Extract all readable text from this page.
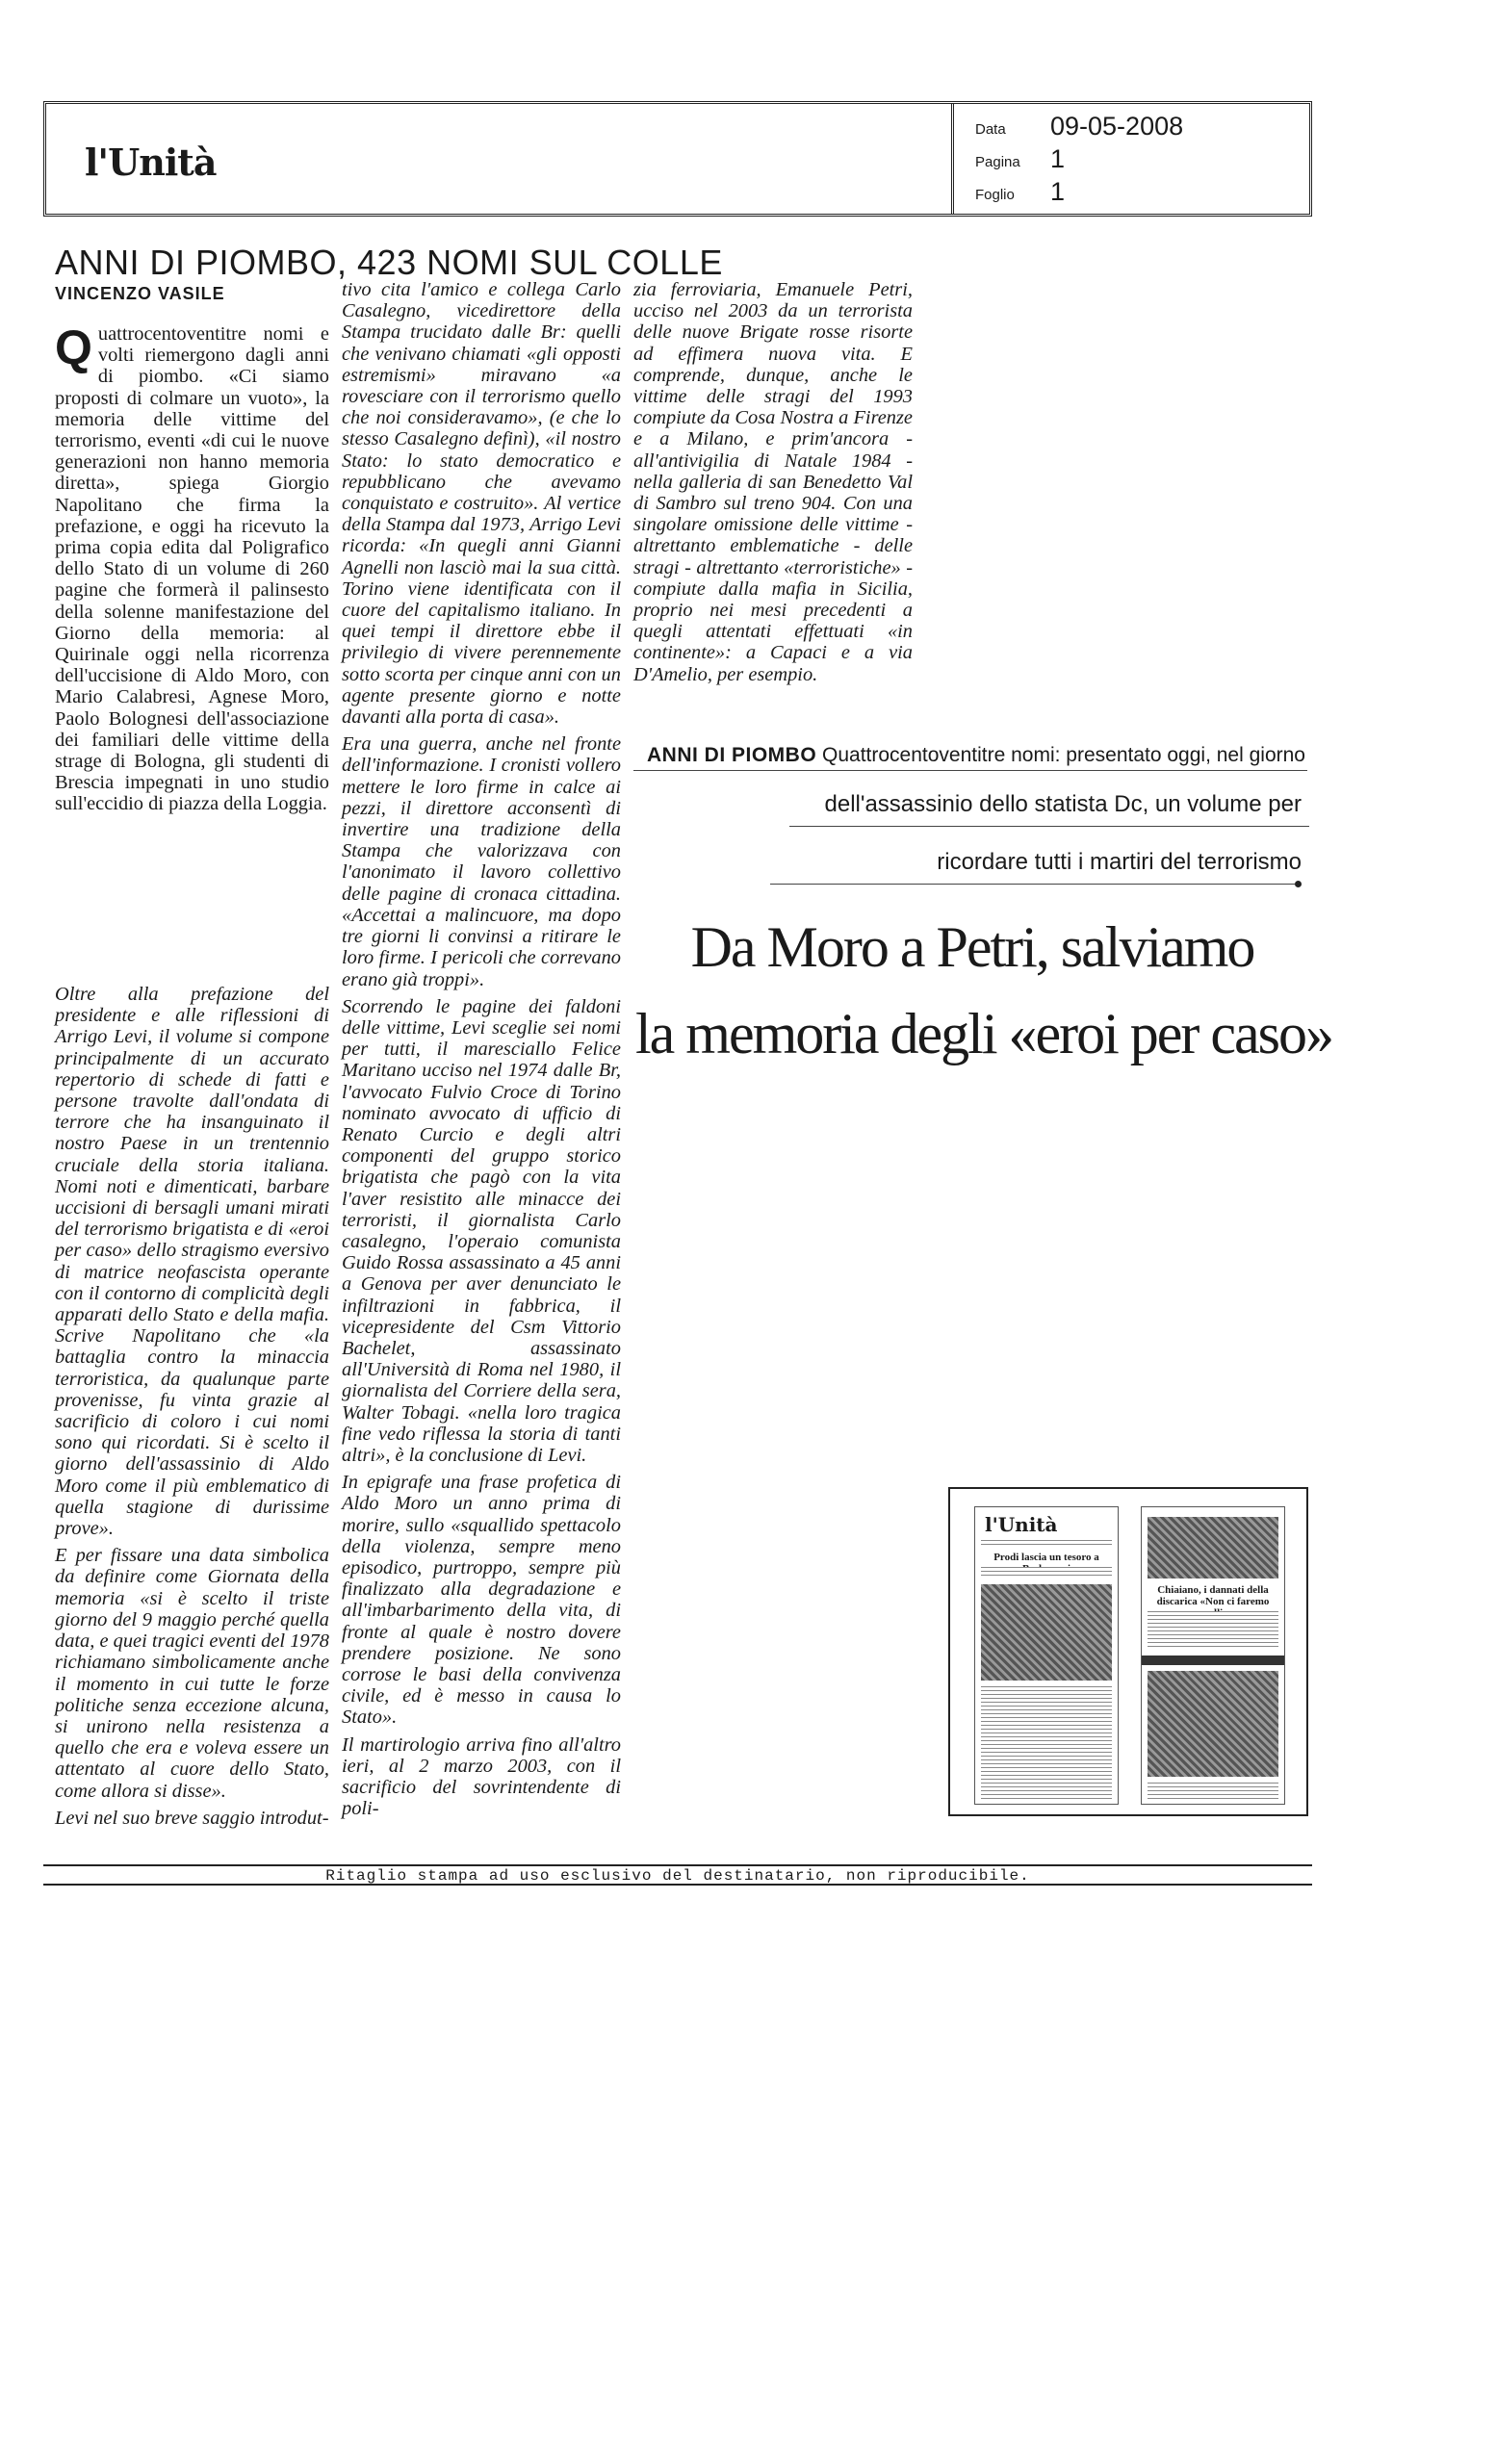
l'Unità
Data 09-05-2008
Pagina 1
Foglio 1
ANNI DI PIOMBO, 423 NOMI SUL COLLE
VINCENZO VASILE

Quattrocentoventitre nomi e volti riemergono dagli anni di piombo. «Ci siamo proposti di colmare un vuoto», la memoria delle vittime del terrorismo, eventi «di cui le nuove generazioni non hanno memoria diretta», spiega Giorgio Napolitano che firma la prefazione, e oggi ha ricevuto la prima copia edita dal Poligrafico dello Stato di un volume di 260 pagine che formerà il palinsesto della solenne manifestazione del Giorno della memoria: al Quirinale oggi nella ricorrenza dell'uccisione di Aldo Moro, con Mario Calabresi, Agnese Moro, Paolo Bolognesi dell'associazione dei familiari delle vittime della strage di Bologna, gli studenti di Brescia impegnati in uno studio sull'eccidio di piazza della Loggia.

Oltre alla prefazione del presidente e alle riflessioni di Arrigo Levi, il volume si compone principalmente di un accurato repertorio di schede di fatti e persone travolte dall'ondata di terrore che ha insanguinato il nostro Paese in un trentennio cruciale della storia italiana. Nomi noti e dimenticati, barbare uccisioni di bersagli umani mirati del terrorismo brigatista e di «eroi per caso» dello stragismo eversivo di matrice neofascista operante con il contorno di complicità degli apparati dello Stato e della mafia. Scrive Napolitano che «la battaglia contro la minaccia terroristica, da qualunque parte provenisse, fu vinta grazie al sacrificio di coloro i cui nomi sono qui ricordati. Si è scelto il giorno dell'assassinio di Aldo Moro come il più emblematico di quella stagione di durissime prove».

E per fissare una data simbolica da definire come Giornata della memoria «si è scelto il triste giorno del 9 maggio perché quella data, e quei tragici eventi del 1978 richiamano simbolicamente anche il momento in cui tutte le forze politiche senza eccezione alcuna, si unirono nella resistenza a quello che era e voleva essere un attentato al cuore dello Stato, come allora si disse».

Levi nel suo breve saggio introdut-

tivo cita l'amico e collega Carlo Casalegno, vicedirettore della Stampa trucidato dalle Br: quelli che venivano chiamati «gli opposti estremismi» miravano «a rovesciare con il terrorismo quello che noi consideravamo», (e che lo stesso Casalegno definì), «il nostro Stato: lo stato democratico e repubblicano che avevamo conquistato e costruito». Al vertice della Stampa dal 1973, Arrigo Levi ricorda: «In quegli anni Gianni Agnelli non lasciò mai la sua città. Torino viene identificata con il cuore del capitalismo italiano. In quei tempi il direttore ebbe il privilegio di vivere perennemente sotto scorta per cinque anni con un agente presente giorno e notte davanti alla porta di casa».

Era una guerra, anche nel fronte dell'informazione. I cronisti vollero mettere le loro firme in calce ai pezzi, il direttore acconsentì di invertire una tradizione della Stampa che valorizzava con l'anonimato il lavoro collettivo delle pagine di cronaca cittadina. «Accettai a malincuore, ma dopo tre giorni li convinsi a ritirare le loro firme. I pericoli che correvano erano già troppi».

Scorrendo le pagine dei faldoni delle vittime, Levi sceglie sei nomi per tutti, il maresciallo Felice Maritano ucciso nel 1974 dalle Br, l'avvocato Fulvio Croce di Torino nominato avvocato di ufficio di Renato Curcio e degli altri componenti del gruppo storico brigatista che pagò con la vita l'aver resistito alle minacce dei terroristi, il giornalista Carlo casalegno, l'operaio comunista Guido Rossa assassinato a 45 anni a Genova per aver denunciato le infiltrazioni in fabbrica, il vicepresidente del Csm Vittorio Bachelet, assassinato all'Università di Roma nel 1980, il giornalista del Corriere della sera, Walter Tobagi. «nella loro tragica fine vedo riflessa la storia di tanti altri», è la conclusione di Levi.

In epigrafe una frase profetica di Aldo Moro un anno prima di morire, sullo «squallido spettacolo della violenza, sempre meno episodico, purtroppo, sempre più finalizzato alla degradazione e all'imbarbarimento della vita, di fronte al quale è nostro dovere prendere posizione. Ne sono corrose le basi della convivenza civile, ed è messo in causa lo Stato».

Il martirologio arriva fino all'altro ieri, al 2 marzo 2003, con il sacrificio del sovrintendente di poli-

zia ferroviaria, Emanuele Petri, ucciso nel 2003 da un terrorista delle nuove Brigate rosse risorte ad effimera nuova vita. E comprende, dunque, anche le vittime delle stragi del 1993 compiute da Cosa Nostra a Firenze e a Milano, e prim'ancora - all'antivigilia di Natale 1984 - nella galleria di san Benedetto Val di Sambro sul treno 904. Con una singolare omissione delle vittime - altrettanto emblematiche - delle stragi - altrettanto «terroristiche» - compiute dalla mafia in Sicilia, proprio nei mesi precedenti a quegli attentati effettuati «in continente»: a Capaci e a via D'Amelio, per esempio.

ANNI DI PIOMBO Quattrocentoventitre nomi: presentato oggi, nel giorno
dell'assassinio dello statista Dc, un volume per
ricordare tutti i martiri del terrorismo
Da Moro a Petri, salviamo
la memoria degli «eroi per caso»
l'Unità
Prodi lascia un tesoro a
Chiaiano, i dannati della discarica «Non ci faremo
Ritaglio stampa ad uso esclusivo del destinatario, non riproducibile.
